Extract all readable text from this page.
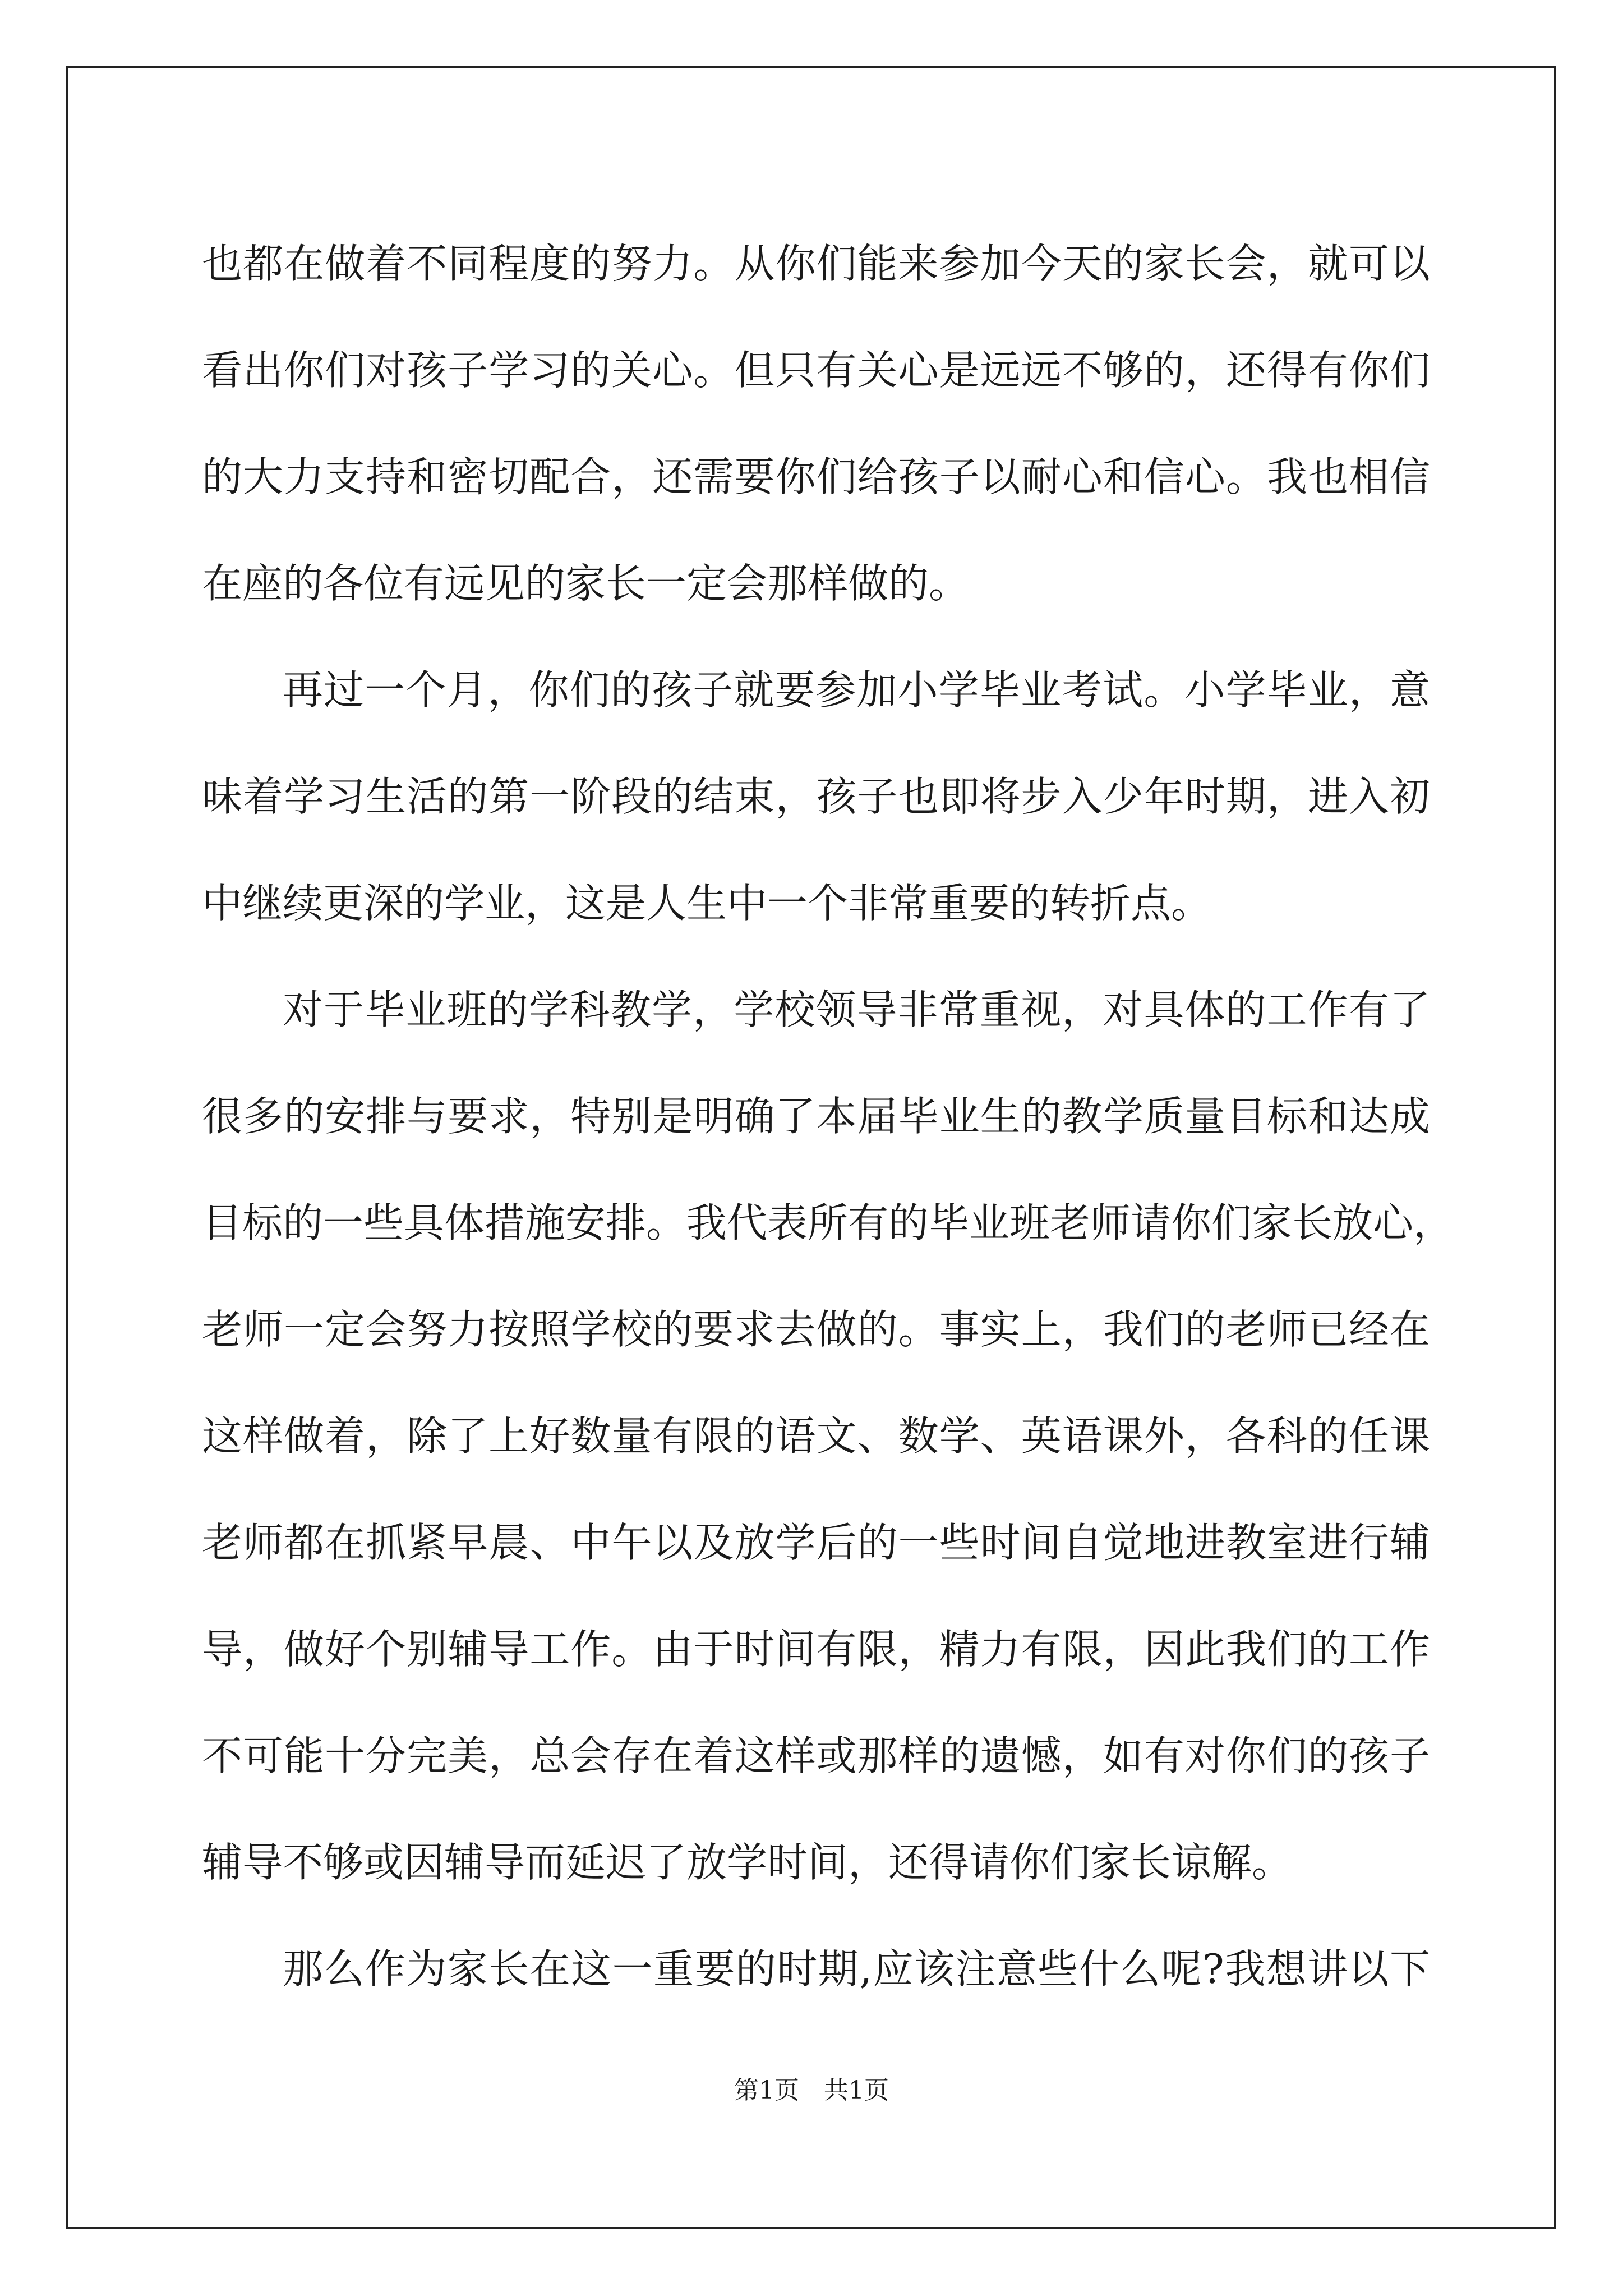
也都在做着不同程度的努力。从你们能来参加今天的家长会，就可以
看出你们对孩子学习的关心。但只有关心是远远不够的，还得有你们
的大力支持和密切配合，还需要你们给孩子以耐心和信心。我也相信
在座的各位有远见的家长一定会那样做的。
再过一个月，你们的孩子就要参加小学毕业考试。小学毕业，意
味着学习生活的第一阶段的结束，孩子也即将步入少年时期，进入初
中继续更深的学业，这是人生中一个非常重要的转折点。
对于毕业班的学科教学，学校领导非常重视，对具体的工作有了
很多的安排与要求，特别是明确了本届毕业生的教学质量目标和达成
目标的一些具体措施安排。我代表所有的毕业班老师请你们家长放心，
老师一定会努力按照学校的要求去做的。事实上，我们的老师已经在
这样做着，除了上好数量有限的语文、数学、英语课外，各科的任课
老师都在抓紧早晨、中午以及放学后的一些时间自觉地进教室进行辅
导，做好个别辅导工作。由于时间有限，精力有限，因此我们的工作
不可能十分完美，总会存在着这样或那样的遗憾，如有对你们的孩子
辅导不够或因辅导而延迟了放学时间，还得请你们家长谅解。
那么作为家长在这一重要的时期,应该注意些什么呢?我想讲以下
第1页　共1页
